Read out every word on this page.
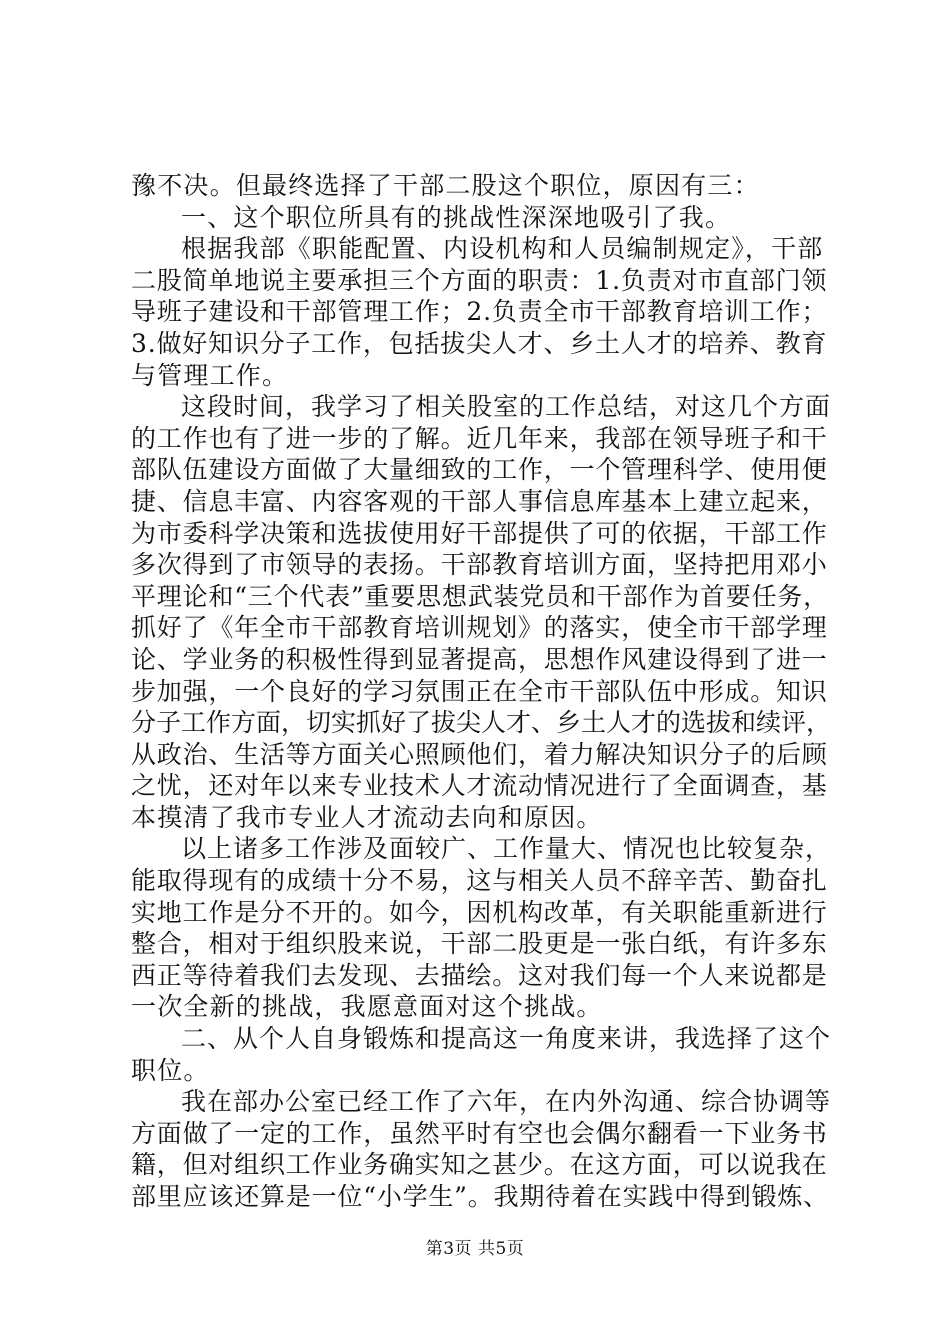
豫不决。但最终选择了干部二股这个职位，原因有三：
一、这个职位所具有的挑战性深深地吸引了我。
根据我部《职能配置、内设机构和人员编制规定》，干部
二股简单地说主要承担三个方面的职责：1.负责对市直部门领
导班子建设和干部管理工作；2.负责全市干部教育培训工作；
3.做好知识分子工作，包括拔尖人才、乡土人才的培养、教育
与管理工作。
这段时间，我学习了相关股室的工作总结，对这几个方面
的工作也有了进一步的了解。近几年来，我部在领导班子和干
部队伍建设方面做了大量细致的工作，一个管理科学、使用便
捷、信息丰富、内容客观的干部人事信息库基本上建立起来，
为市委科学决策和选拔使用好干部提供了可的依据，干部工作
多次得到了市领导的表扬。干部教育培训方面，坚持把用邓小
平理论和“三个代表”重要思想武装党员和干部作为首要任务，
抓好了《年全市干部教育培训规划》的落实，使全市干部学理
论、学业务的积极性得到显著提高，思想作风建设得到了进一
步加强，一个良好的学习氛围正在全市干部队伍中形成。知识
分子工作方面，切实抓好了拔尖人才、乡土人才的选拔和续评，
从政治、生活等方面关心照顾他们，着力解决知识分子的后顾
之忧，还对年以来专业技术人才流动情况进行了全面调查，基
本摸清了我市专业人才流动去向和原因。
以上诸多工作涉及面较广、工作量大、情况也比较复杂，
能取得现有的成绩十分不易，这与相关人员不辞辛苦、勤奋扎
实地工作是分不开的。如今，因机构改革，有关职能重新进行
整合，相对于组织股来说，干部二股更是一张白纸，有许多东
西正等待着我们去发现、去描绘。这对我们每一个人来说都是
一次全新的挑战，我愿意面对这个挑战。
二、从个人自身锻炼和提高这一角度来讲，我选择了这个
职位。
我在部办公室已经工作了六年，在内外沟通、综合协调等
方面做了一定的工作，虽然平时有空也会偶尔翻看一下业务书
籍，但对组织工作业务确实知之甚少。在这方面，可以说我在
部里应该还算是一位“小学生”。我期待着在实践中得到锻炼、
第3页 共5页
